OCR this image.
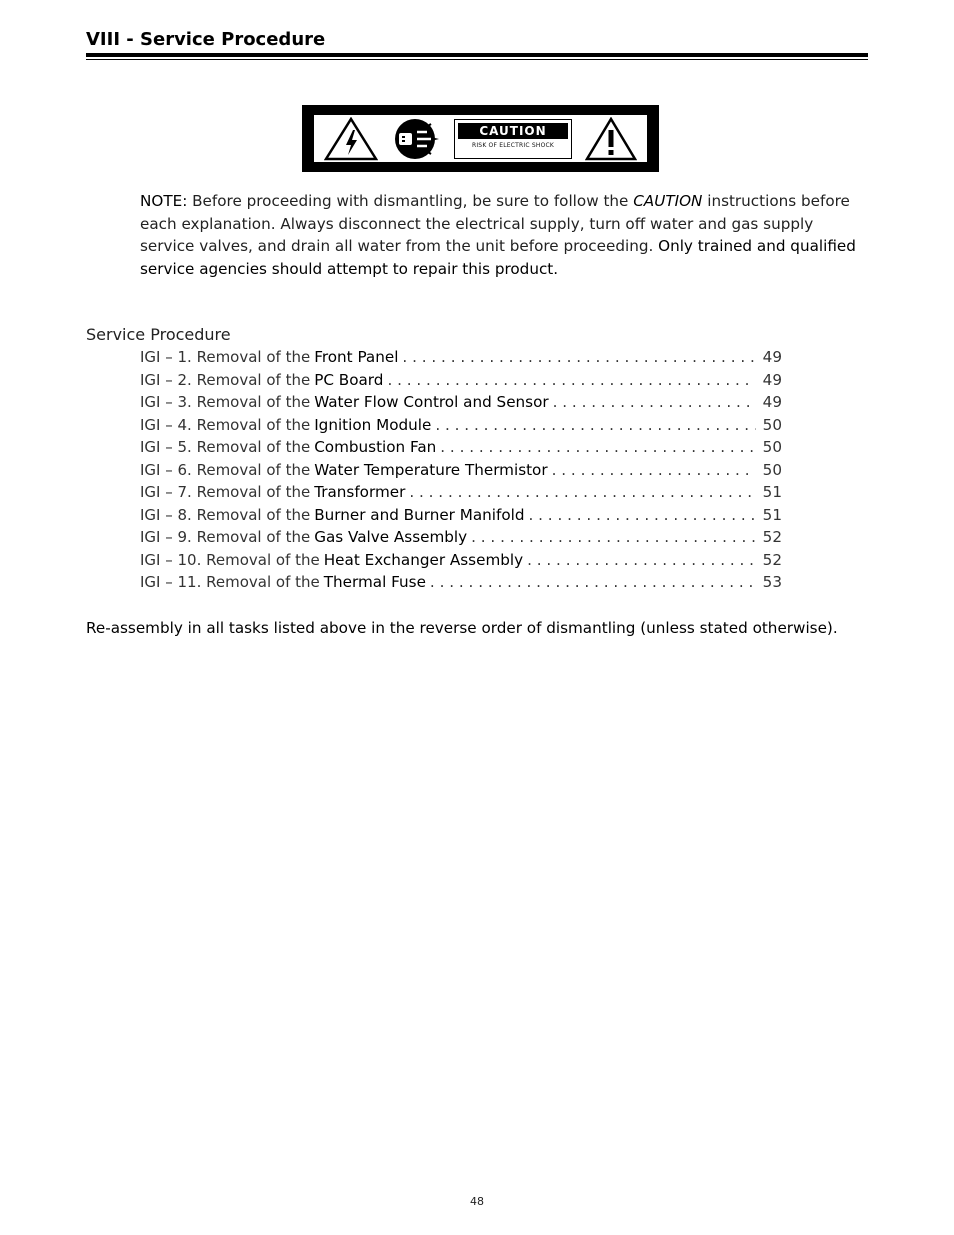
VIII - Service Procedure
CAUTION
RISK OF ELECTRIC SHOCK
NOTE: Before proceeding with dismantling, be sure to follow the CAUTION instructions before each explanation. Always disconnect the electrical supply, turn off water and gas supply service valves, and drain all water from the unit before proceeding. Only trained and qualified service agencies should attempt to repair this product.
Service Procedure
IGI – 1. Removal of the Front Panel . . .	49
IGI – 2. Removal of the PC Board . . .	49
IGI – 3. Removal of the Water Flow Control and Sensor . . .	49
IGI – 4. Removal of the Ignition Module . . .	50
IGI – 5. Removal of the Combustion Fan . . .	50
IGI – 6. Removal of the Water Temperature Thermistor . . .	50
IGI – 7. Removal of the Transformer . . .	51
IGI – 8. Removal of the Burner and Burner Manifold . . .	51
IGI – 9. Removal of the Gas Valve Assembly . . .	52
IGI – 10. Removal of the Heat Exchanger Assembly . . .	52
IGI – 11. Removal of the Thermal Fuse . . .	53
Re-assembly in all tasks listed above in the reverse order of dismantling (unless stated otherwise).
48
